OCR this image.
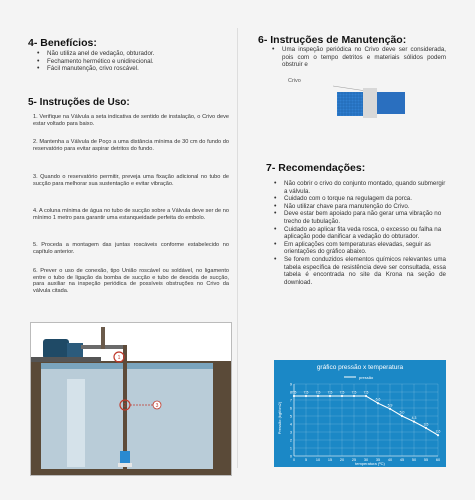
4- Benefícios:
• Não utiliza anel de vedação, obturador.
• Fechamento hermético e unidirecional.
• Fácil manutenção, crivo roscável.
5- Instruções de Uso:
1. Verifique na Válvula a seta indicativa de sentido de instalação, o Crivo deve estar voltado para baixo.
2. Mantenha a Válvula de Poço a uma distância mínima de 30 cm do fundo do reservatório para evitar aspirar detritos do fundo.
3. Quando o reservatório permitir, preveja uma fixação adicional no tubo de sucção para melhorar sua sustentação e evitar vibração.
4. A coluna mínima de água no tubo de sucção sobre a Válvula deve ser de no mínimo 1 metro para garantir uma estanqueidade perfeita do embolo.
5. Proceda a montagem das juntas roscáveis conforme estabelecido no capítulo anterior.
6. Prever o uso de conexão, tipo União roscável ou soldável, no ligamento entre o tubo de ligação da bomba de sucção e tubo de descida de sucção, para auxiliar na inspeção periódica de possíveis obstruções no Crivo da válvula citada.
1
2	3
6- Instruções de Manutenção:
• Uma inspeção periódica no Crivo deve ser considerada, pois com o tempo detritos e materiais sólidos podem obstruir e
Crivo
7- Recomendações:
• Não cobrir o crivo do conjunto montado, quando submergir a válvula.
• Cuidado com o torque na regulagem da porca.
• Não utilizar chave para manutenção do Crivo.
• Deve estar bem apoiado para não gerar uma vibração no trecho de tubulação.
• Cuidado ao aplicar fita veda rosca, o excesso ou falha na aplicação pode danificar a vedação do obturador.
• Em aplicações com temperaturas elevadas, seguir as orientações do gráfico abaixo.
• Se forem conduzidos elementos químicos relevantes uma tabela específica de resistência deve ser consultada, essa tabela é encontrada no site da Krona na seção de download.
gráfico pressão x temperatura
pressão
Pressão (kgf/cm2)
temperatura (ºC)
0
1
2
3
4
5
6
7
8
9
0	5 10 15 20 25 30 35 40 45 50 55 60
7,5 7,5 7,5 7,5 7,5 7,5 7,5
6,6
5,9
5,0
4,3
3,5
2,6
